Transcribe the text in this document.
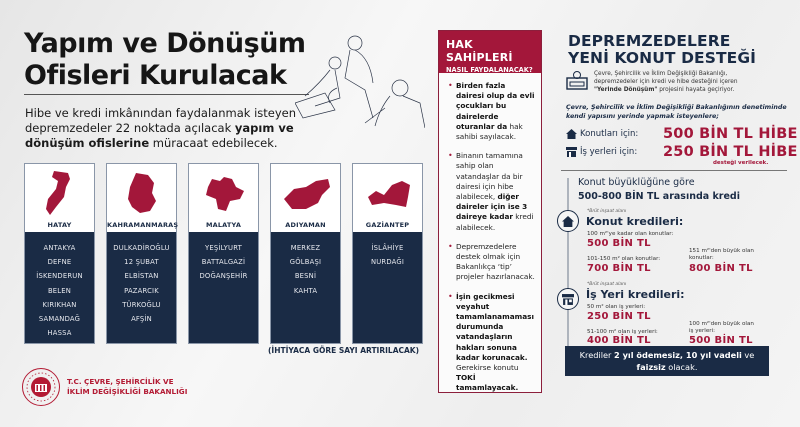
Yapım ve Dönüşüm
Ofisleri Kurulacak
Hibe ve kredi imkânından faydalanmak isteyen depremzedeler 22 noktada açılacak yapım ve dönüşüm ofislerine müracaat edebilecek.
HATAY
ANTAKYA
DEFNE
İSKENDERUN
BELEN
KIRIKHAN
SAMANDAĞ
HASSA
KAHRAMANMARAŞ
DULKADİROĞLU
12 ŞUBAT
ELBİSTAN
PAZARCIK
TÜRKOĞLU
AFŞİN
MALATYA
YEŞİLYURT
BATTALGAZİ
DOĞANŞEHİR
ADIYAMAN
MERKEZ
GÖLBAŞI
BESNİ
KAHTA
GAZİANTEP
İSLÂHİYE
NURDAĞI
(İHTİYACA GÖRE SAYI ARTIRILACAK)
T.C. ÇEVRE, ŞEHİRCİLİK VE
İKLİM DEĞİŞİKLİĞİ BAKANLIĞI
HAK SAHİPLERİ
NASIL FAYDALANACAK?
• Birden fazla dairesi olup da evli çocukları bu dairelerde oturanlar da hak sahibi sayılacak.
• Binanın tamamına sahip olan vatandaşlar da bir dairesi için hibe alabilecek, diğer daireler için ise 3 daireye kadar kredi alabilecek.
• Depremzedelere destek olmak için Bakanlıkça ‘tip’ projeler hazırlanacak.
• İşin gecikmesi veyahut tamamlanamaması durumunda vatandaşların hakları sonuna kadar korunacak. Gerekirse konutu TOKİ tamamlayacak.
DEPREMZEDELERE
YENİ KONUT DESTEĞİ
Çevre, Şehircilik ve İklim Değişikliği Bakanlığı, depremzedeler için kredi ve hibe desteğini içeren "Yerinde Dönüşüm" projesini hayata geçiriyor.
Çevre, Şehircilik ve İklim Değişikliği Bakanlığının denetiminde kendi yapısını yerinde yapmak isteyenlere;
Konutları için:	500 BİN TL HİBE
İş yerleri için:	250 BİN TL HİBE
desteği verilecek.
Konut büyüklüğüne göre
500-800 BİN TL arasında kredi
*Brüt inşaat alanı
Konut kredileri:
100 m²'ye kadar olan konutlar:
500 BİN TL
101-150 m² olan konutlar:
700 BİN TL
151 m²'den büyük olan konutlar:
800 BİN TL
*Brüt inşaat alanı
İş Yeri kredileri:
50 m² olan iş yerleri:
250 BİN TL
51-100 m² olan iş yerleri:
400 BİN TL
100 m²'den büyük olan iş yerleri:
500 BİN TL
Krediler 2 yıl ödemesiz, 10 yıl vadeli ve
faizsiz olacak.
